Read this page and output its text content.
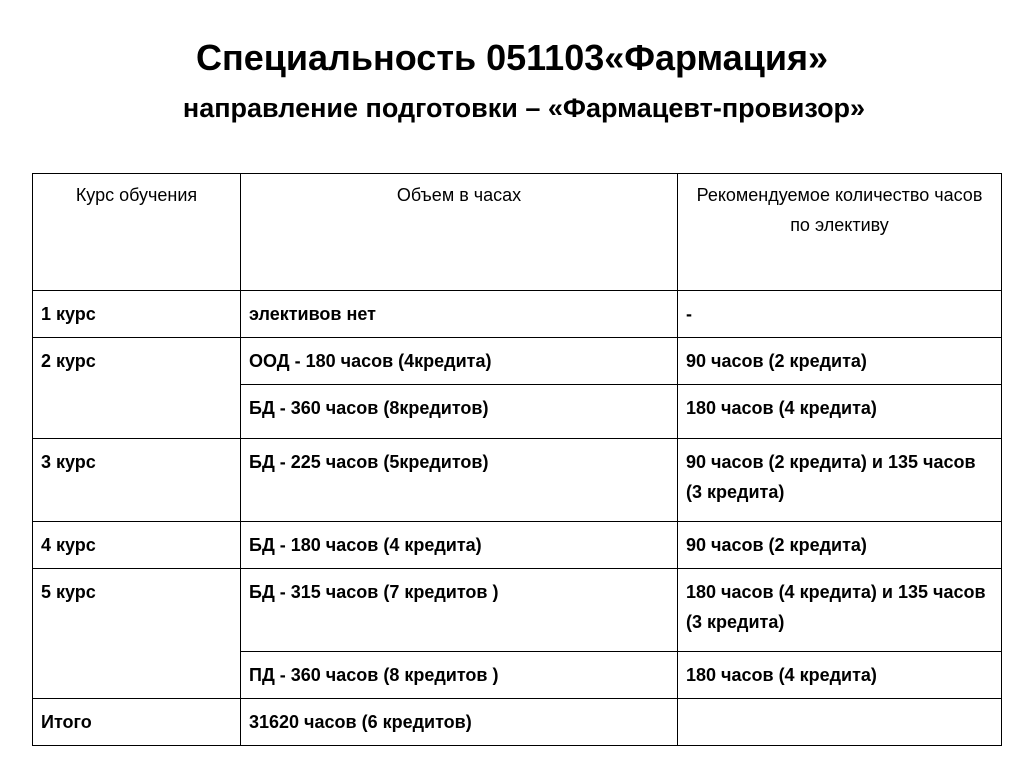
Специальность 051103«Фармация»
направление подготовки – «Фармацевт-провизор»
Курс обучения	Объем в часах	Рекомендуемое количество часов по элективу
1 курс	элективов нет	-
2 курс	ООД - 180 часов (4кредита)	90 часов (2 кредита)
	БД - 360 часов (8кредитов)	180 часов (4 кредита)
3 курс	БД - 225 часов (5кредитов)	90 часов (2 кредита) и 135 часов (3 кредита)
4 курс	БД - 180 часов (4 кредита)	90 часов (2 кредита)
5 курс	БД - 315 часов (7 кредитов )	180 часов (4 кредита) и 135 часов (3 кредита)
	ПД - 360 часов (8 кредитов )	180 часов (4 кредита)
Итого	31620 часов (6 кредитов)	
